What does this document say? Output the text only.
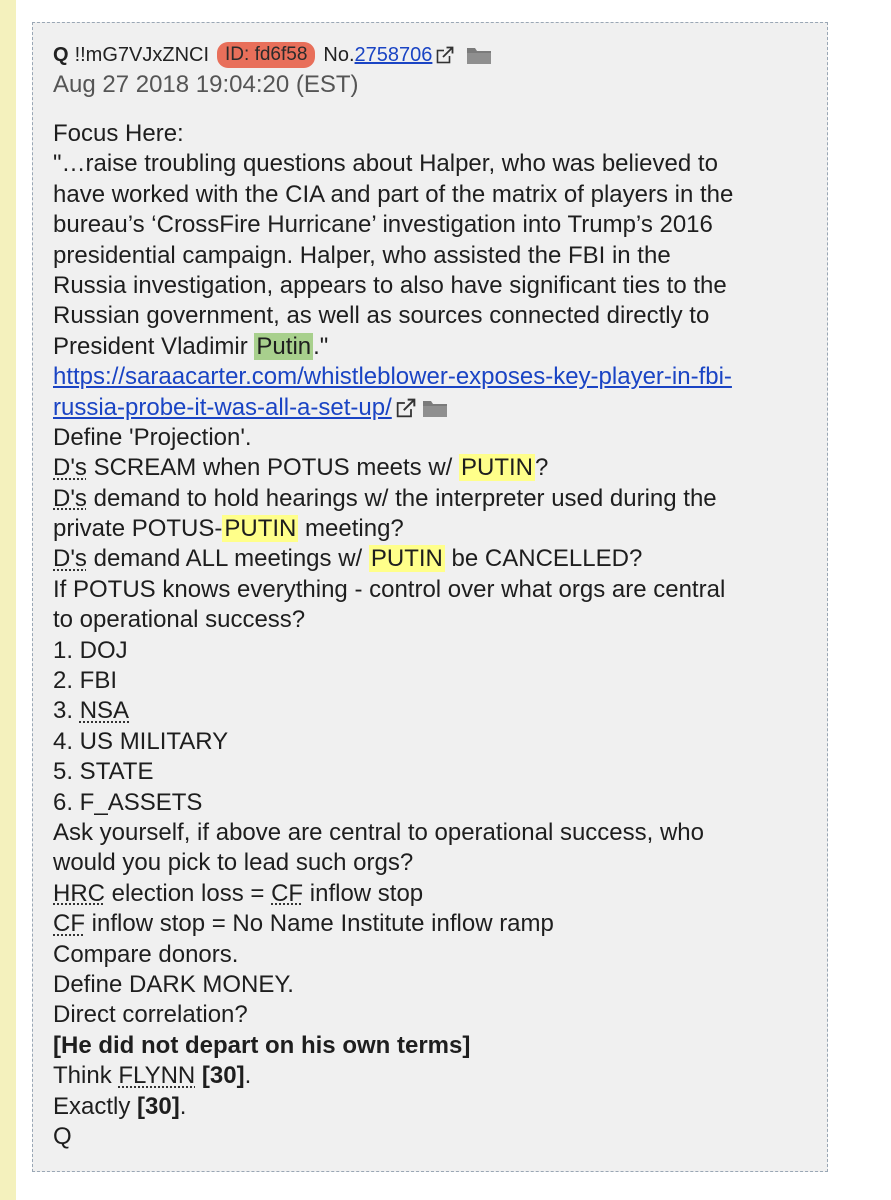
Q !!mG7VJxZNCI ID: fd6f58 No. 2758706
Aug 27 2018 19:04:20 (EST)
Focus Here:
"…raise troubling questions about Halper, who was believed to
have worked with the CIA and part of the matrix of players in the
bureau’s ‘CrossFire Hurricane’ investigation into Trump’s 2016
presidential campaign. Halper, who assisted the FBI in the
Russia investigation, appears to also have significant ties to the
Russian government, as well as sources connected directly to
President Vladimir Putin."
https://saraacarter.com/whistleblower-exposes-key-player-in-fbi-
russia-probe-it-was-all-a-set-up/
Define 'Projection'.
D's SCREAM when POTUS meets w/ PUTIN?
D's demand to hold hearings w/ the interpreter used during the
private POTUS-PUTIN meeting?
D's demand ALL meetings w/ PUTIN be CANCELLED?
If POTUS knows everything - control over what orgs are central
to operational success?
1. DOJ
2. FBI
3. NSA
4. US MILITARY
5. STATE
6. F_ASSETS
Ask yourself, if above are central to operational success, who
would you pick to lead such orgs?
HRC election loss = CF inflow stop
CF inflow stop = No Name Institute inflow ramp
Compare donors.
Define DARK MONEY.
Direct correlation?
[He did not depart on his own terms]
Think FLYNN [30].
Exactly [30].
Q
